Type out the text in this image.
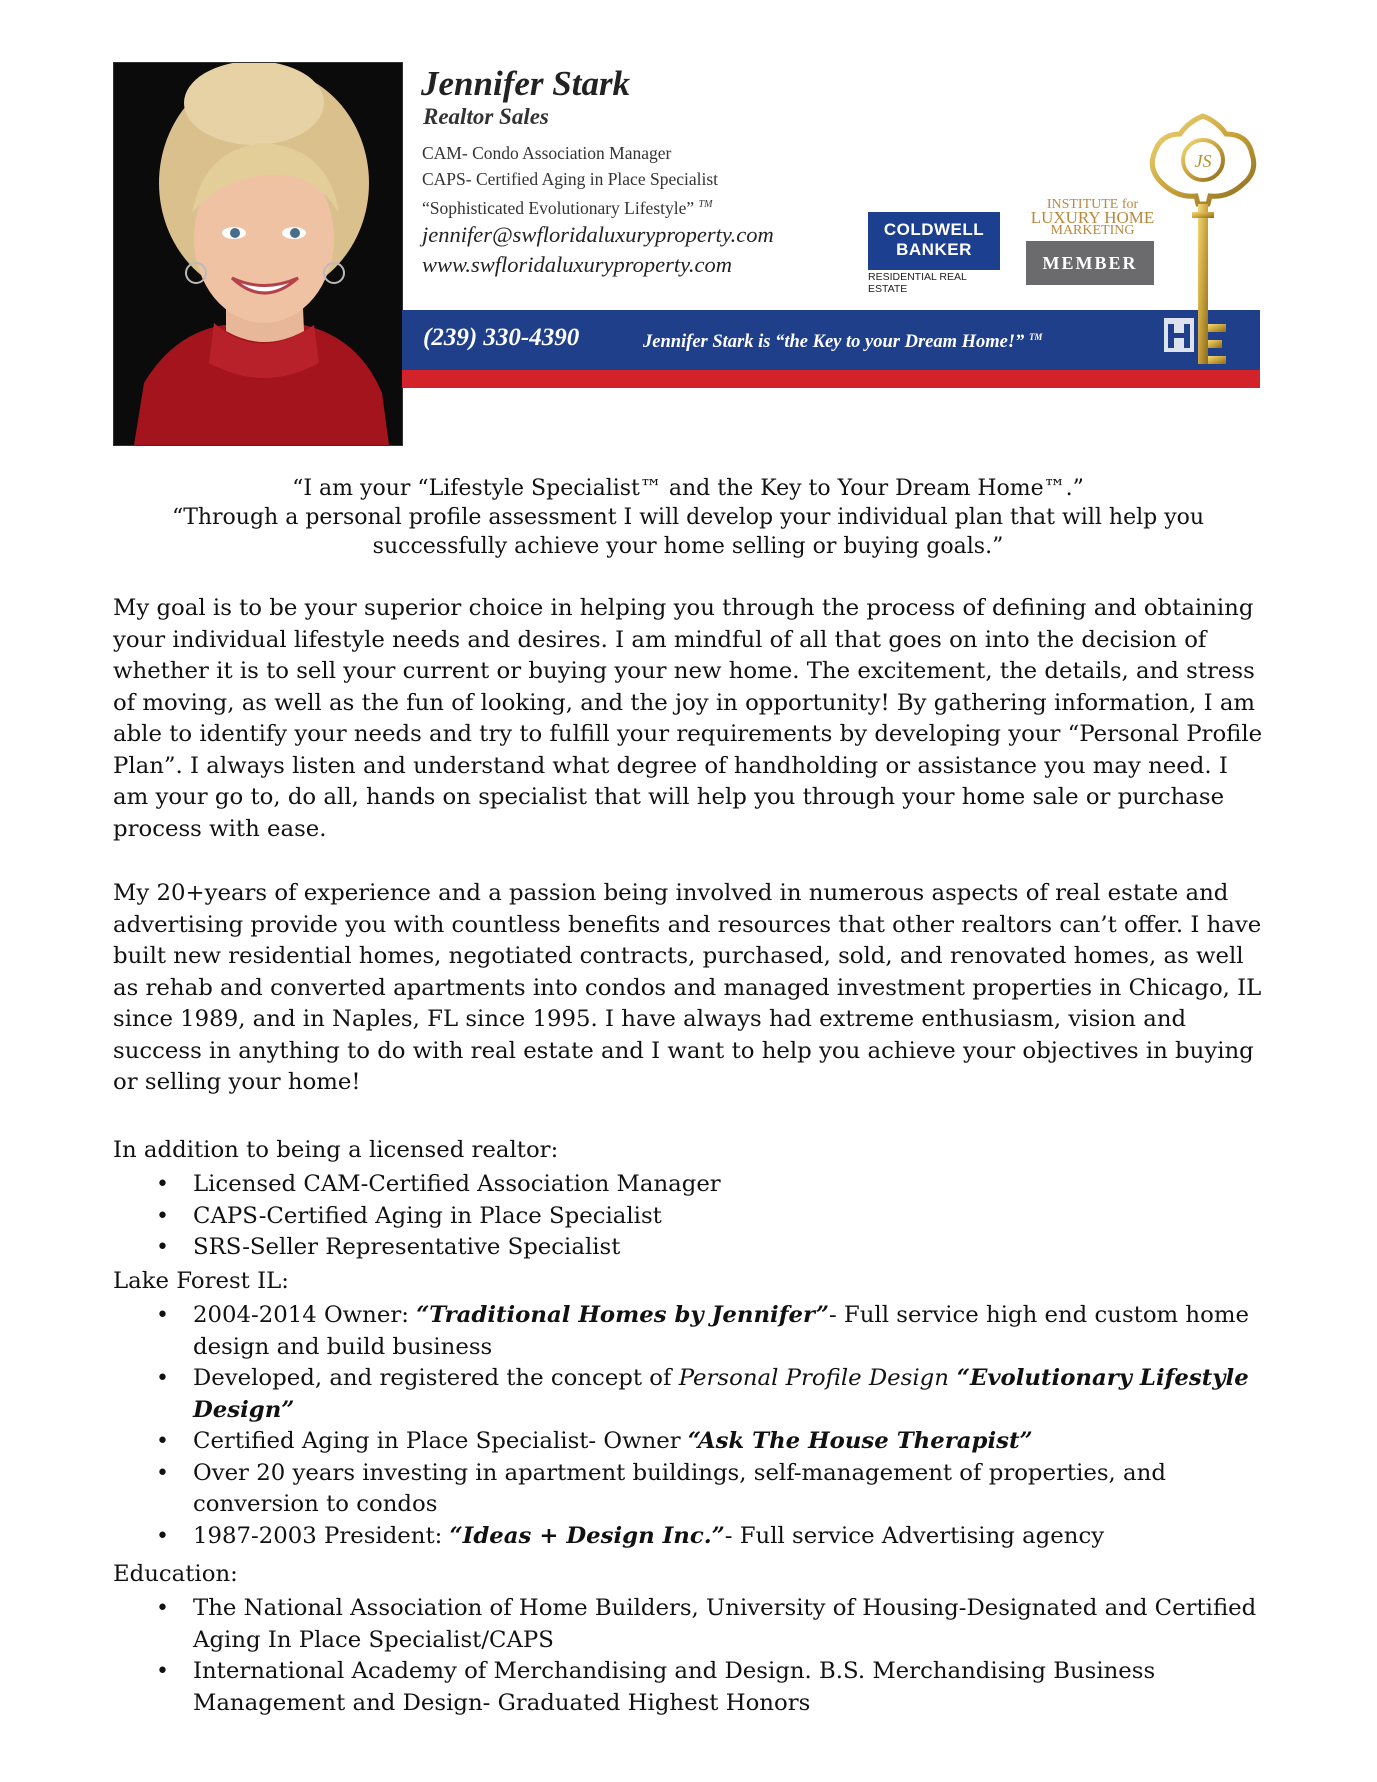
Jennifer Stark
Realtor Sales
CAM- Condo Association Manager
CAPS- Certified Aging in Place Specialist
“Sophisticated Evolutionary Lifestyle” ™
jennifer@swfloridaluxuryproperty.com
www.swfloridaluxuryproperty.com
COLDWELL
BANKER
RESIDENTIAL REAL ESTATE
INSTITUTE for
LUXURY HOME
MARKETING
MEMBER
(239) 330-4390	Jennifer Stark is “the Key to your Dream Home!” ™
JS
“I am your “Lifestyle Specialist™ and the Key to Your Dream Home™.”
“Through a personal profile assessment I will develop your individual plan that will help you successfully achieve your home selling or buying goals.”
My goal is to be your superior choice in helping you through the process of defining and obtaining your individual lifestyle needs and desires. I am mindful of all that goes on into the decision of whether it is to sell your current or buying your new home. The excitement, the details, and stress of moving, as well as the fun of looking, and the joy in opportunity! By gathering information, I am able to identify your needs and try to fulfill your requirements by developing your “Personal Profile Plan”. I always listen and understand what degree of handholding or assistance you may need. I am your go to, do all, hands on specialist that will help you through your home sale or purchase process with ease.
My 20+years of experience and a passion being involved in numerous aspects of real estate and advertising provide you with countless benefits and resources that other realtors can’t offer. I have built new residential homes, negotiated contracts, purchased, sold, and renovated homes, as well as rehab and converted apartments into condos and managed investment properties in Chicago, IL since 1989, and in Naples, FL since 1995. I have always had extreme enthusiasm, vision and success in anything to do with real estate and I want to help you achieve your objectives in buying or selling your home!
In addition to being a licensed realtor:
• Licensed CAM-Certified Association Manager
• CAPS-Certified Aging in Place Specialist
• SRS-Seller Representative Specialist
Lake Forest IL:
• 2004-2014 Owner: “Traditional Homes by Jennifer”- Full service high end custom home design and build business
• Developed, and registered the concept of Personal Profile Design “Evolutionary Lifestyle Design”
• Certified Aging in Place Specialist- Owner “Ask The House Therapist”
• Over 20 years investing in apartment buildings, self-management of properties, and conversion to condos
• 1987-2003 President: “Ideas + Design Inc.”- Full service Advertising agency
Education:
• The National Association of Home Builders, University of Housing-Designated and Certified Aging In Place Specialist/CAPS
• International Academy of Merchandising and Design. B.S. Merchandising Business Management and Design- Graduated Highest Honors
